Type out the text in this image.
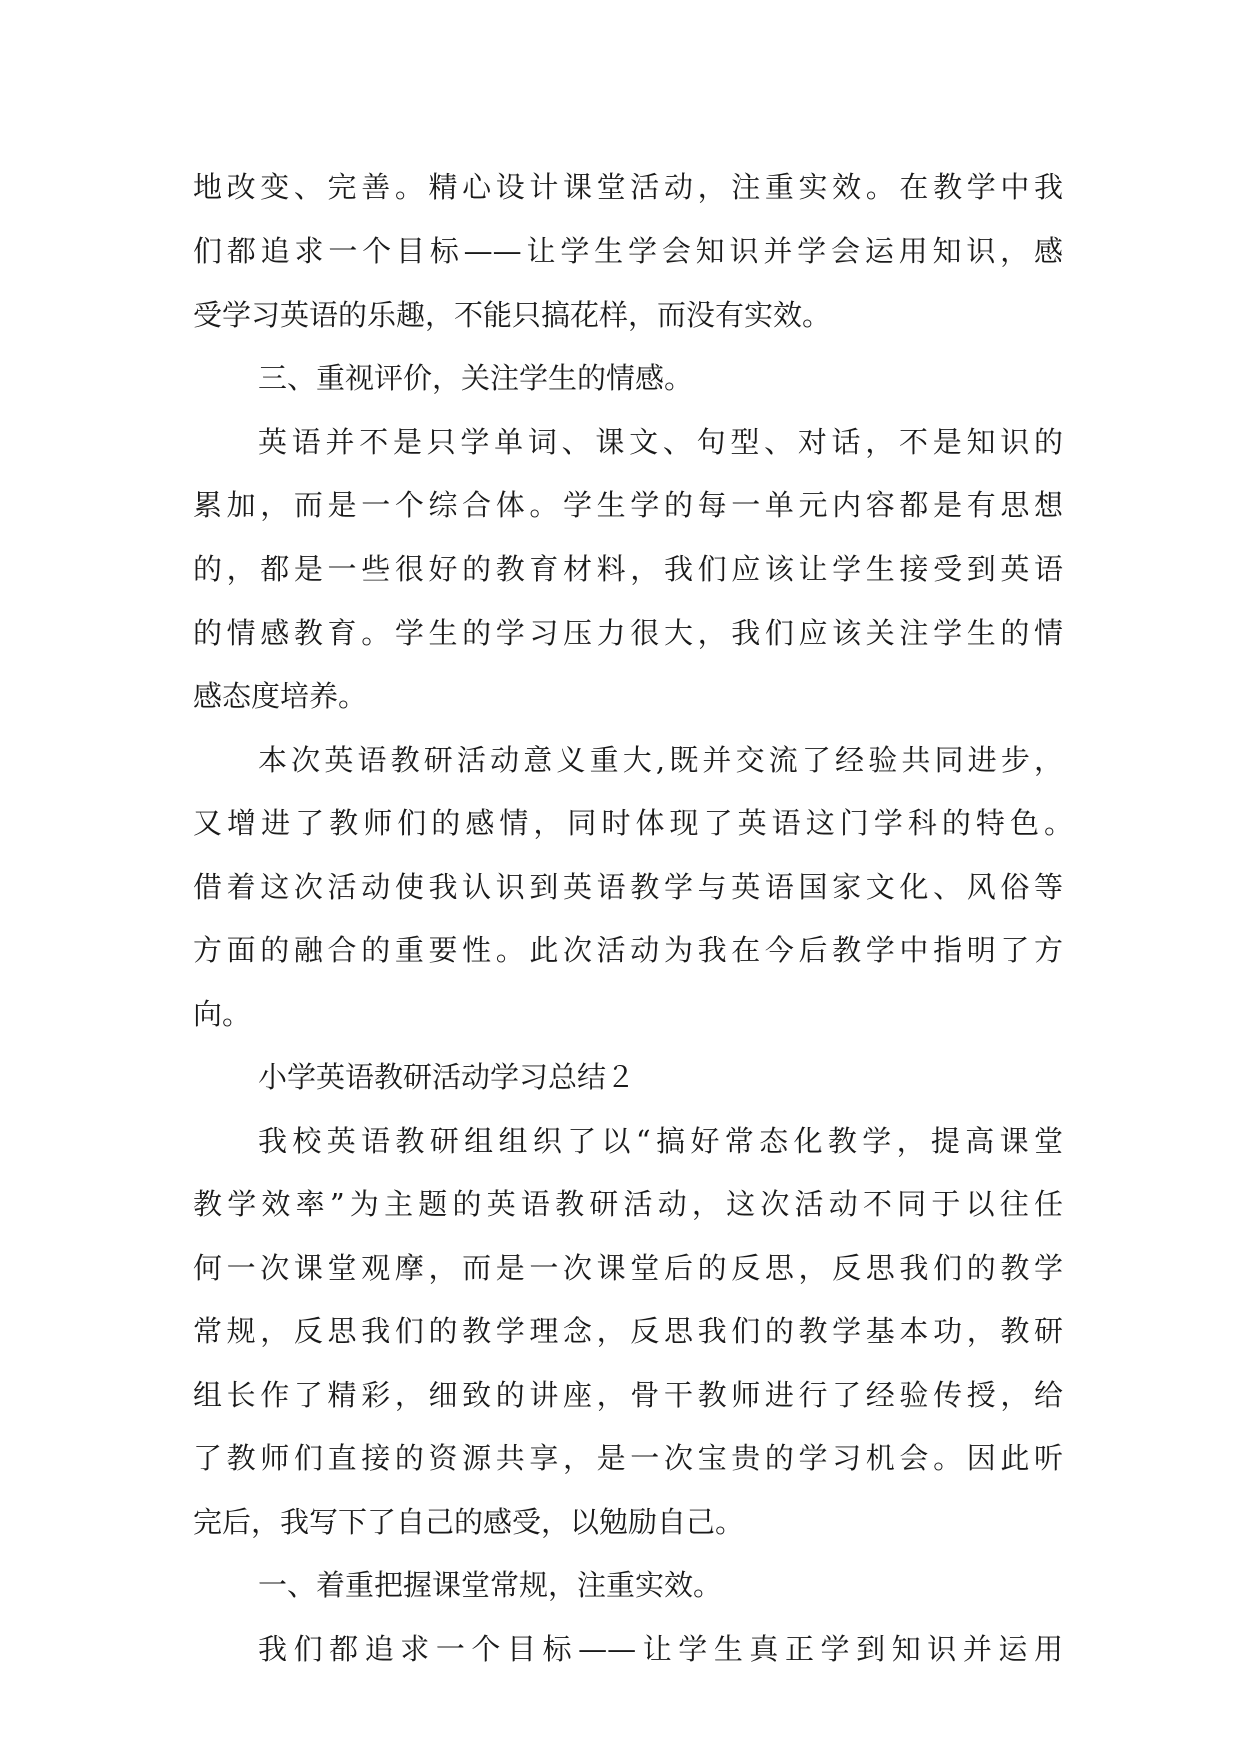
地改变、完善。精心设计课堂活动，注重实效。在教学中我
们都追求一个目标——让学生学会知识并学会运用知识，感
受学习英语的乐趣，不能只搞花样，而没有实效。
三、重视评价，关注学生的情感。
英语并不是只学单词、课文、句型、对话，不是知识的
累加，而是一个综合体。学生学的每一单元内容都是有思想
的，都是一些很好的教育材料，我们应该让学生接受到英语
的情感教育。学生的学习压力很大，我们应该关注学生的情
感态度培养。
本次英语教研活动意义重大,既并交流了经验共同进步，
又增进了教师们的感情，同时体现了英语这门学科的特色。
借着这次活动使我认识到英语教学与英语国家文化、风俗等
方面的融合的重要性。此次活动为我在今后教学中指明了方
向。
小学英语教研活动学习总结２
我校英语教研组组织了以“搞好常态化教学，提高课堂
教学效率”为主题的英语教研活动，这次活动不同于以往任
何一次课堂观摩，而是一次课堂后的反思，反思我们的教学
常规，反思我们的教学理念，反思我们的教学基本功，教研
组长作了精彩，细致的讲座，骨干教师进行了经验传授，给
了教师们直接的资源共享，是一次宝贵的学习机会。因此听
完后，我写下了自己的感受，以勉励自己。
一、着重把握课堂常规，注重实效。
我们都追求一个目标——让学生真正学到知识并运用
